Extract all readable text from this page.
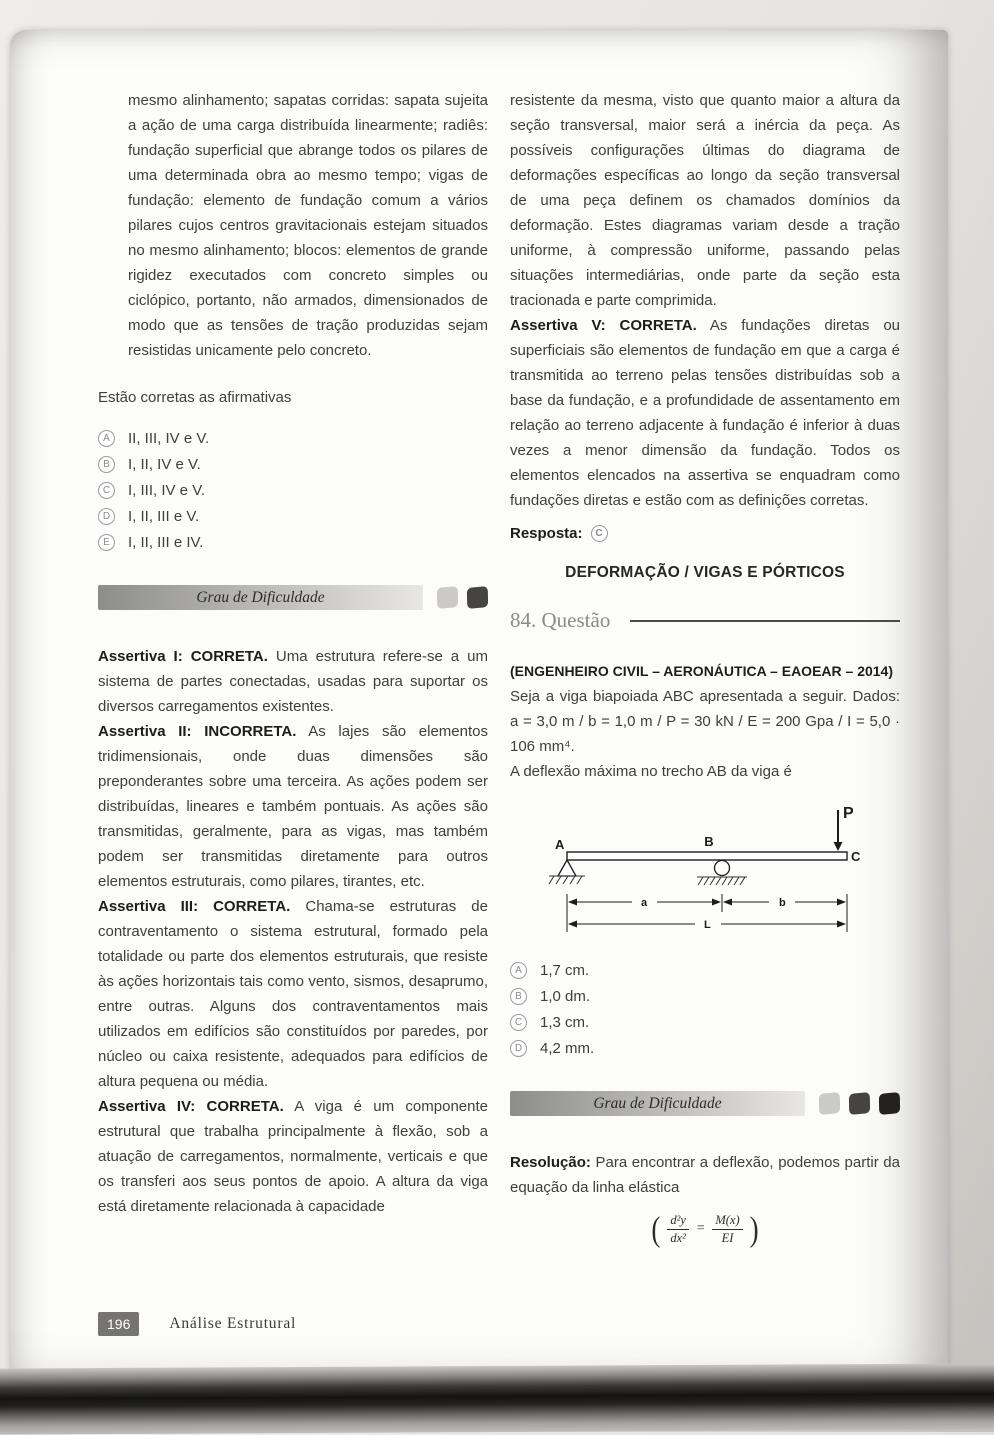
mesmo alinhamento; sapatas corridas: sapata sujeita a ação de uma carga distribuída linearmente; radiês: fundação superficial que abrange todos os pilares de uma determinada obra ao mesmo tempo; vigas de fundação: elemento de fundação comum a vários pilares cujos centros gravitacionais estejam situados no mesmo alinhamento; blocos: elementos de grande rigidez executados com concreto simples ou ciclópico, portanto, não armados, dimensionados de modo que as tensões de tração produzidas sejam resistidas unicamente pelo concreto.

Estão corretas as afirmativas

A	II, III, IV e V.
B	I, II, IV e V.
C	I, III, IV e V.
D	I, II, III e V.
E	I, II, III e IV.
Grau de Dificuldade

Assertiva I: CORRETA. Uma estrutura refere-se a um sistema de partes conectadas, usadas para suportar os diversos carregamentos existentes.

Assertiva II: INCORRETA. As lajes são elementos tridimensionais, onde duas dimensões são preponderantes sobre uma terceira. As ações podem ser distribuídas, lineares e também pontuais. As ações são transmitidas, geralmente, para as vigas, mas também podem ser transmitidas diretamente para outros elementos estruturais, como pilares, tirantes, etc.

Assertiva III: CORRETA. Chama-se estruturas de contraventamento o sistema estrutural, formado pela totalidade ou parte dos elementos estruturais, que resiste às ações horizontais tais como vento, sismos, desaprumo, entre outras. Alguns dos contraventamentos mais utilizados em edifícios são constituídos por paredes, por núcleo ou caixa resistente, adequados para edifícios de altura pequena ou média.

Assertiva IV: CORRETA. A viga é um componente estrutural que trabalha principalmente à flexão, sob a atuação de carregamentos, normalmente, verticais e que os transferi aos seus pontos de apoio. A altura da viga está diretamente relacionada à capacidade

resistente da mesma, visto que quanto maior a altura da seção transversal, maior será a inércia da peça. As possíveis configurações últimas do diagrama de deformações específicas ao longo da seção transversal de uma peça definem os chamados domínios da deformação. Estes diagramas variam desde a tração uniforme, à compressão uniforme, passando pelas situações intermediárias, onde parte da seção esta tracionada e parte comprimida.

Assertiva V: CORRETA. As fundações diretas ou superficiais são elementos de fundação em que a carga é transmitida ao terreno pelas tensões distribuídas sob a base da fundação, e a profundidade de assentamento em relação ao terreno adjacente à fundação é inferior à duas vezes a menor dimensão da fundação. Todos os elementos elencados na assertiva se enquadram como fundações diretas e estão com as definições corretas.

Resposta:	C
DEFORMAÇÃO / VIGAS E PÓRTICOS
84. Questão

(ENGENHEIRO CIVIL – AERONÁUTICA – EAOEAR – 2014)

Seja a viga biapoiada ABC apresentada a seguir. Dados: a = 3,0 m / b = 1,0 m / P = 30 kN / E = 200 Gpa / I = 5,0 · 106 mm⁴.

A deflexão máxima no trecho AB da viga é

P
A	B
C
a	b
L
A	1,7 cm.
B	1,0 dm.
C	1,3 cm.
D	4,2 mm.
Grau de Dificuldade

Resolução: Para encontrar a deflexão, podemos partir da equação da linha elástica

( $\frac{\text{d²y}}{\text{dx²}} = \frac{M(x)}{EI}$ )
196	Análise Estrutural
